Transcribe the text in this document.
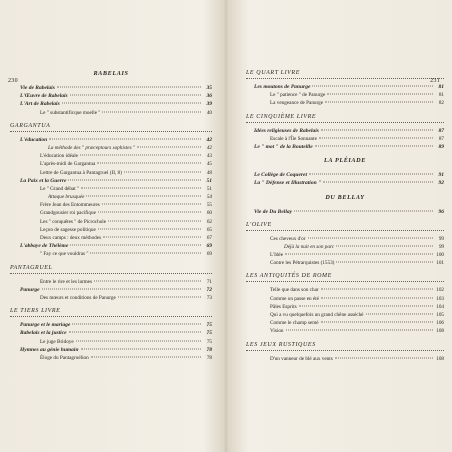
230
RABELAIS
Vie de Rabelais	35
L'Œuvre de Rabelais	36
L'Art de Rabelais	39
Le " substantificque moelle "	40
GARGANTUA
L'éducation	42
La méthode des " præceptours sophistes "	42
L'éducation idéale	43
L'après-midi de Gargantua	45
Lettre de Gargantua à Pantagruel (II, 8)	48
La Paix et la Guerre	51
Le " Grand débat "	51
Attaque brusquée	54
Frère Jean des Entommeures	55
Grandgousier roi pacifique	60
Les " conquêtes " de Picrochole	62
Leçon de sagesse politique	65
Deux camps : deux méthodes	67
L'abbaye de Thélème	69
" Fay ce que vouldras "	69
PANTAGRUEL
Entre le rire et les larmes	71
Panurge	72
Des mœurs et conditions de Panurge	73
LE TIERS LIVRE
Panurge et le mariage	75
Rabelais et la justice	75
Le juge Bridoye	75
Hymnes au génie humain	78
Éloge du Pantagruélion	78
231
LE QUART LIVRE
Les moutons de Panurge	81
Le " patience " de Panurge	81
La vengeance de Panurge	82
LE CINQUIÈME LIVRE
Idées religieuses de Rabelais	87
Escale à l'Île Sonnante	87
Le " mot " de la Bouteille	89
LA PLÉIADE
Le Collège de Coqueret	91
La " Défense et Illustration "	92
DU BELLAY
Vie de Du Bellay	96
L'OLIVE
Ces cheveux d'or	99
Déjà la nuit en son parc	99
L'Idée	100
Contre les Pétrarquistes (1553)	101
LES ANTIQUITÉS DE ROME
Telle que dans son char	102
Comme on passe en été	103
Pâles Esprits	104
Qui a vu quelquefois un grand chêne asséché	105
Comme le champ semé	106
Vision	108
LES JEUX RUSTIQUES
D'un vanneur de blé aux vents	108
